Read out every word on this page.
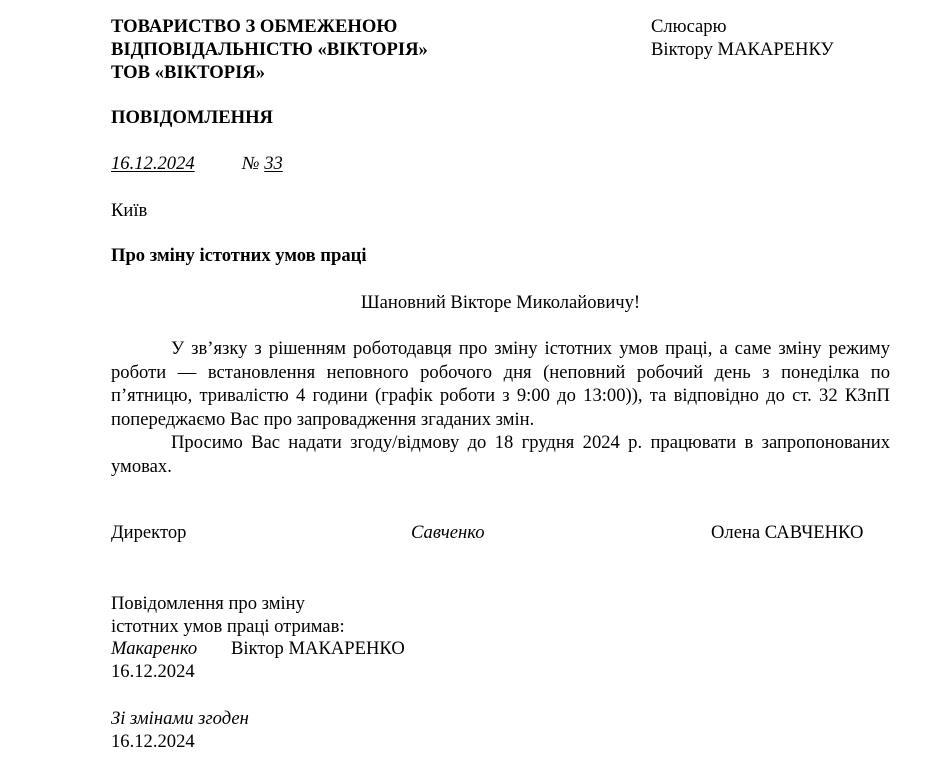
ТОВАРИСТВО З ОБМЕЖЕНОЮ
ВІДПОВІДАЛЬНІСТЮ «ВІКТОРІЯ»
ТОВ «ВІКТОРІЯ»
Слюсарю
Віктору МАКАРЕНКУ
ПОВІДОМЛЕННЯ
16.12.2024	№ 33
Київ
Про зміну істотних умов праці
Шановний Вікторе Миколайовичу!

У зв’язку з рішенням роботодавця про зміну істотних умов праці, а саме зміну режиму роботи — встановлення неповного робочого дня (неповний робочий день з понеділка по п’ятницю, тривалістю 4 години (графік роботи з 9:00 до 13:00)), та відповідно до ст. 32 КЗпП попереджаємо Вас про запровадження згаданих змін.

Просимо Вас надати згоду/відмову до 18 грудня 2024 р. працювати в запропонованих умовах.

Директор	Савченко	Олена САВЧЕНКО
Повідомлення про зміну
істотних умов праці отримав:
Макаренко Віктор МАКАРЕНКО
16.12.2024
Зі змінами згоден
16.12.2024
